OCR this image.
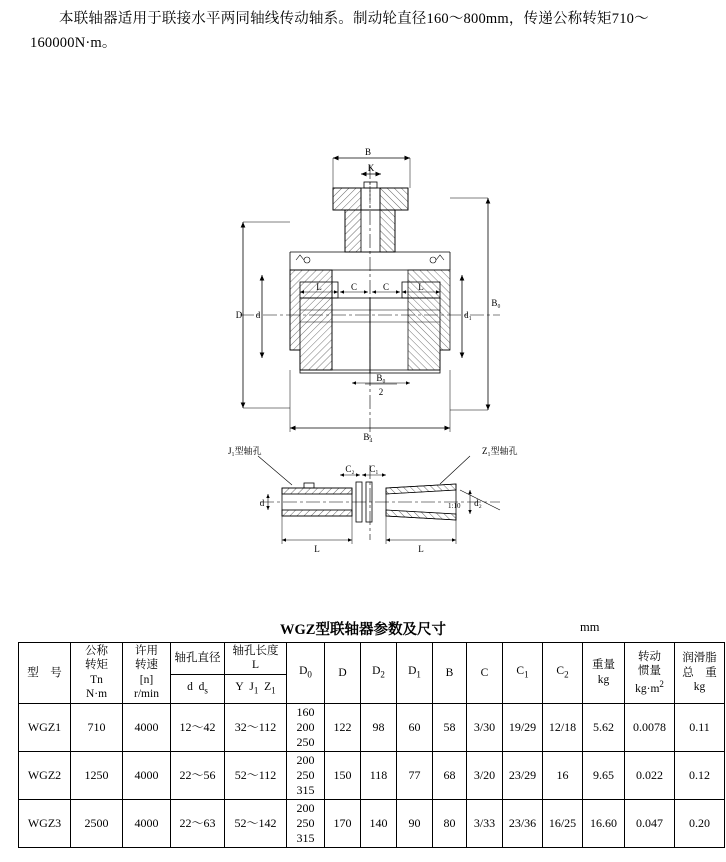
本联轴器适用于联接水平两同轴线传动轴系。制动轮直径160～800mm，传递公称转矩710～160000N·m。
B
K
D d	d₁
B₀
L	C	C	L
B₀
2
B₄
J₁型轴孔	Z₁型轴孔
1:10
C₂ C₁
d	d₂
L	L
WGZ型联轴器参数及尺寸	mm
型　号	
公称
转矩
Tn
N·m

许用
转速
[n]
r/min
	轴孔直径	
轴孔长度
L
	$D_0$	D	$D_2$	$D_1$	B	C	$C_1$	$C_2$	
重量
kg

转动
惯量
$kg\cdot m^2$

润滑脂
总　重
kg

			d  $d_s$	Y  $J_1$  $Z_1$

WGZ1	710	4000	12～42	32～112	160
200
250	122	98	60	58	3/30	19/29	12/18	5.62	0.0078	0.11
WGZ2	1250	4000	22～56	52～112	200
250
315	150	118	77	68	3/20	23/29	16	9.65	0.022	0.12
WGZ3	2500	4000	22～63	52～142	200
250
315	170	140	90	80	3/33	23/36	16/25	16.60	0.047	0.20
